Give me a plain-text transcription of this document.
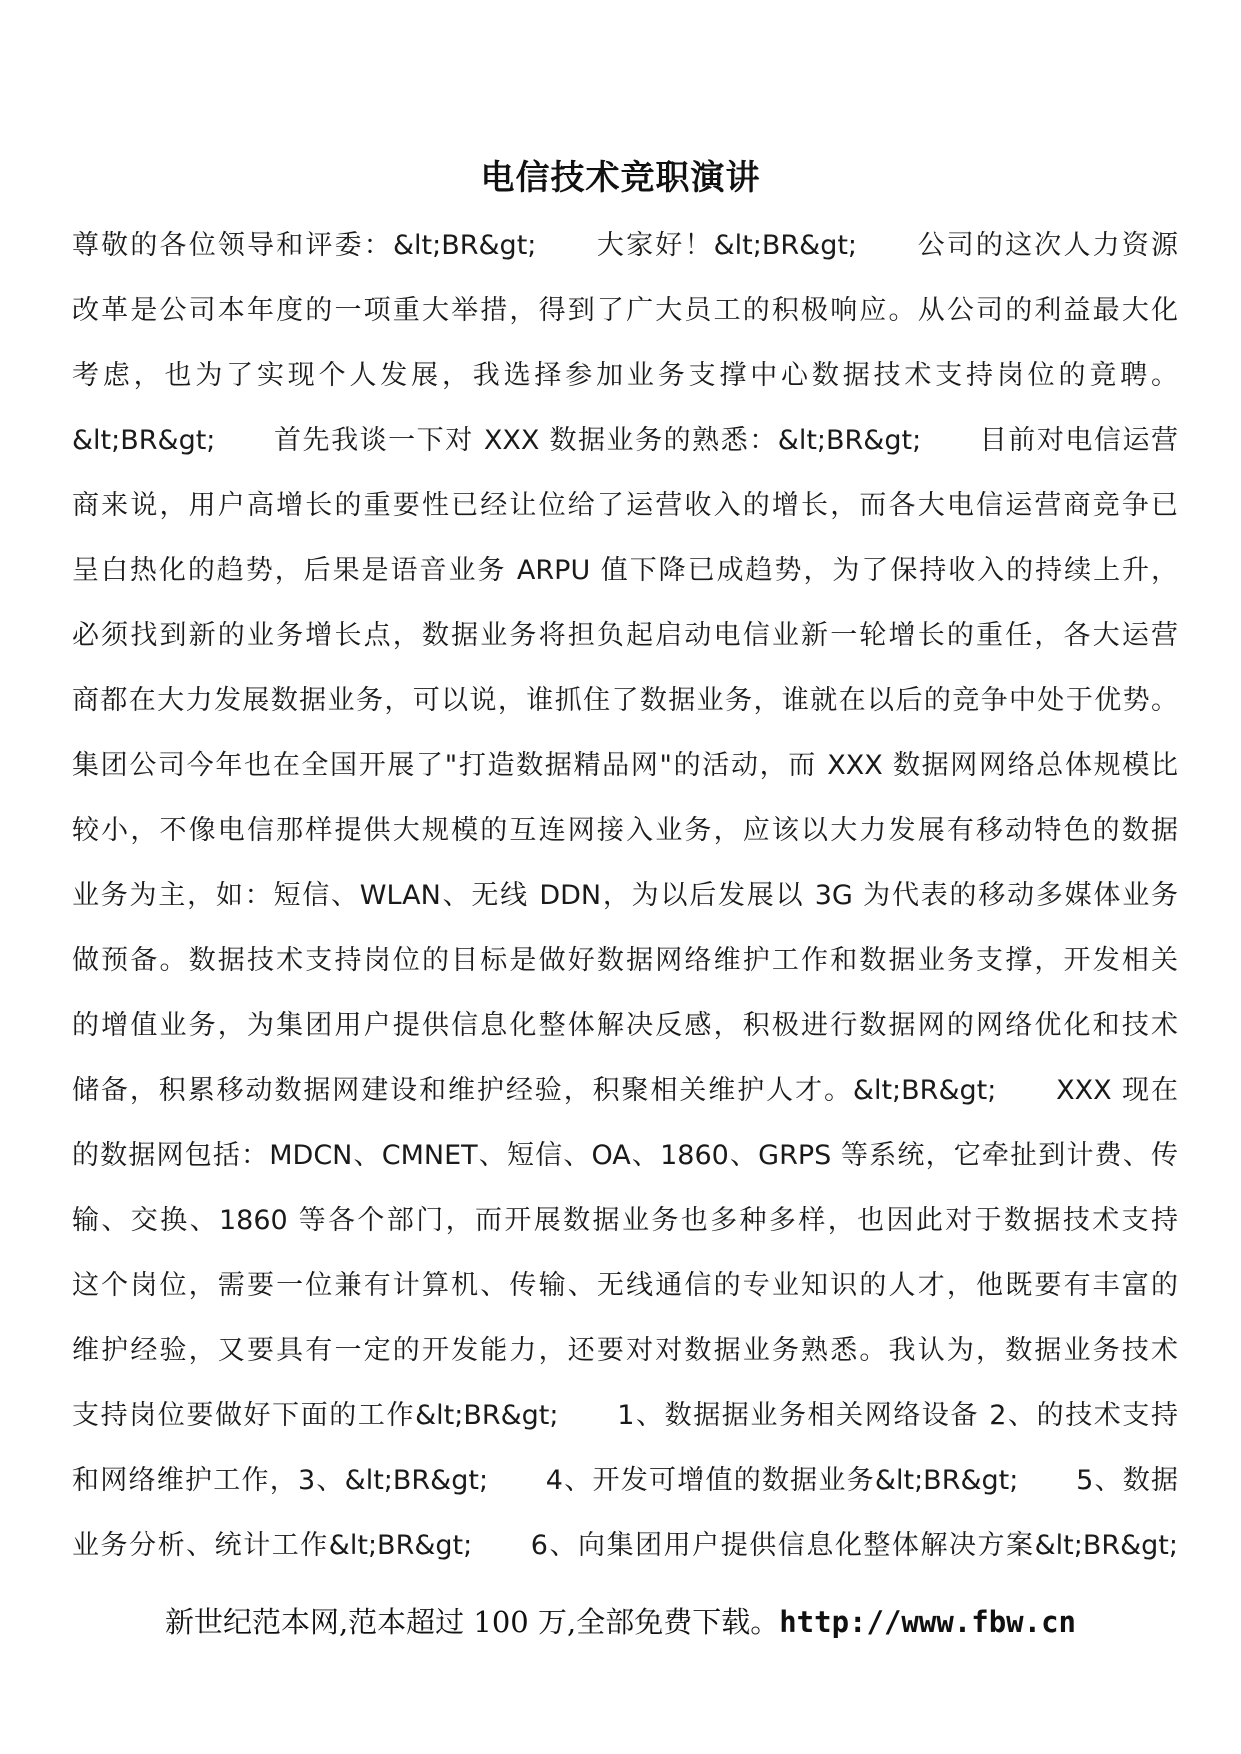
电信技术竞职演讲
尊敬的各位领导和评委：&lt;BR&gt;　　大家好！&lt;BR&gt;　　公司的这次人力资源
改革是公司本年度的一项重大举措，得到了广大员工的积极响应。从公司的利益最大化
考虑，也为了实现个人发展，我选择参加业务支撑中心数据技术支持岗位的竟聘。
&lt;BR&gt;　　首先我谈一下对 XXX 数据业务的熟悉：&lt;BR&gt;　　目前对电信运营
商来说，用户高增长的重要性已经让位给了运营收入的增长，而各大电信运营商竞争已
呈白热化的趋势，后果是语音业务 ARPU 值下降已成趋势，为了保持收入的持续上升，
必须找到新的业务增长点，数据业务将担负起启动电信业新一轮增长的重任，各大运营
商都在大力发展数据业务，可以说，谁抓住了数据业务，谁就在以后的竞争中处于优势。
集团公司今年也在全国开展了"打造数据精品网"的活动，而 XXX 数据网网络总体规模比
较小，不像电信那样提供大规模的互连网接入业务，应该以大力发展有移动特色的数据
业务为主，如：短信、WLAN、无线 DDN，为以后发展以 3G 为代表的移动多媒体业务
做预备。数据技术支持岗位的目标是做好数据网络维护工作和数据业务支撑，开发相关
的增值业务，为集团用户提供信息化整体解决反感，积极进行数据网的网络优化和技术
储备，积累移动数据网建设和维护经验，积聚相关维护人才。&lt;BR&gt;　　XXX 现在
的数据网包括：MDCN、CMNET、短信、OA、1860、GRPS 等系统，它牵扯到计费、传
输、交换、1860 等各个部门，而开展数据业务也多种多样，也因此对于数据技术支持
这个岗位，需要一位兼有计算机、传输、无线通信的专业知识的人才，他既要有丰富的
维护经验，又要具有一定的开发能力，还要对对数据业务熟悉。我认为，数据业务技术
支持岗位要做好下面的工作&lt;BR&gt;　　1、数据据业务相关网络设备 2、的技术支持
和网络维护工作，3、&lt;BR&gt;　　4、开发可增值的数据业务&lt;BR&gt;　　5、数据
业务分析、统计工作&lt;BR&gt;　　6、向集团用户提供信息化整体解决方案&lt;BR&gt;
新世纪范本网,范本超过 100 万,全部免费下载。http://www.fbw.cn
